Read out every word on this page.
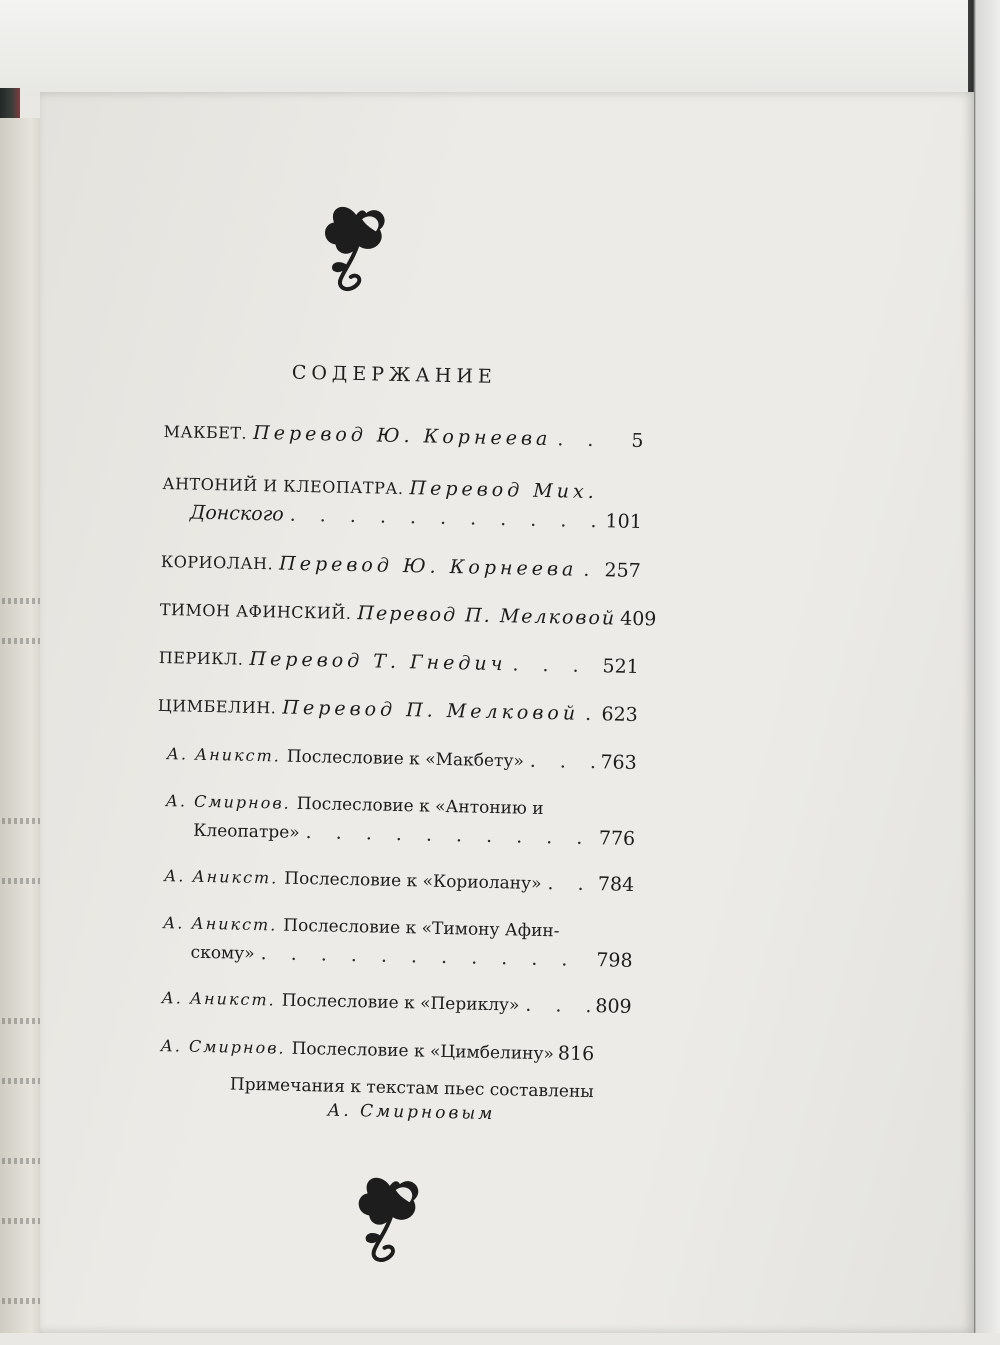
СОДЕРЖАНИЕ
МАКБЕТ. Перевод Ю. Корнеева . . .	5
АНТОНИЙ И КЛЕОПАТРА. Перевод Мих.
Донского . . .	101
КОРИОЛАН. Перевод Ю. Корнеева . . . 257
ТИМОН АФИНСКИЙ. Перевод П. Мелковой . . . 409
ПЕРИКЛ. Перевод Т. Гнедич . . .	521
ЦИМБЕЛИН. Перевод П. Мелковой . . . 623
А. Аникст. Послесловие к «Макбету» . . .	763
А. Смирнов. Послесловие к «Антонию и
Клеопатре» . . .	776
А. Аникст. Послесловие к «Кориолану» . . .	784
А. Аникст. Послесловие к «Тимону Афин-
скому» . . .	798
А. Аникст. Послесловие к «Периклу» . . .	809
А. Смирнов. Послесловие к «Цимбелину» . . . 816
Примечания к текстам пьес составлены
А. Смирновым
